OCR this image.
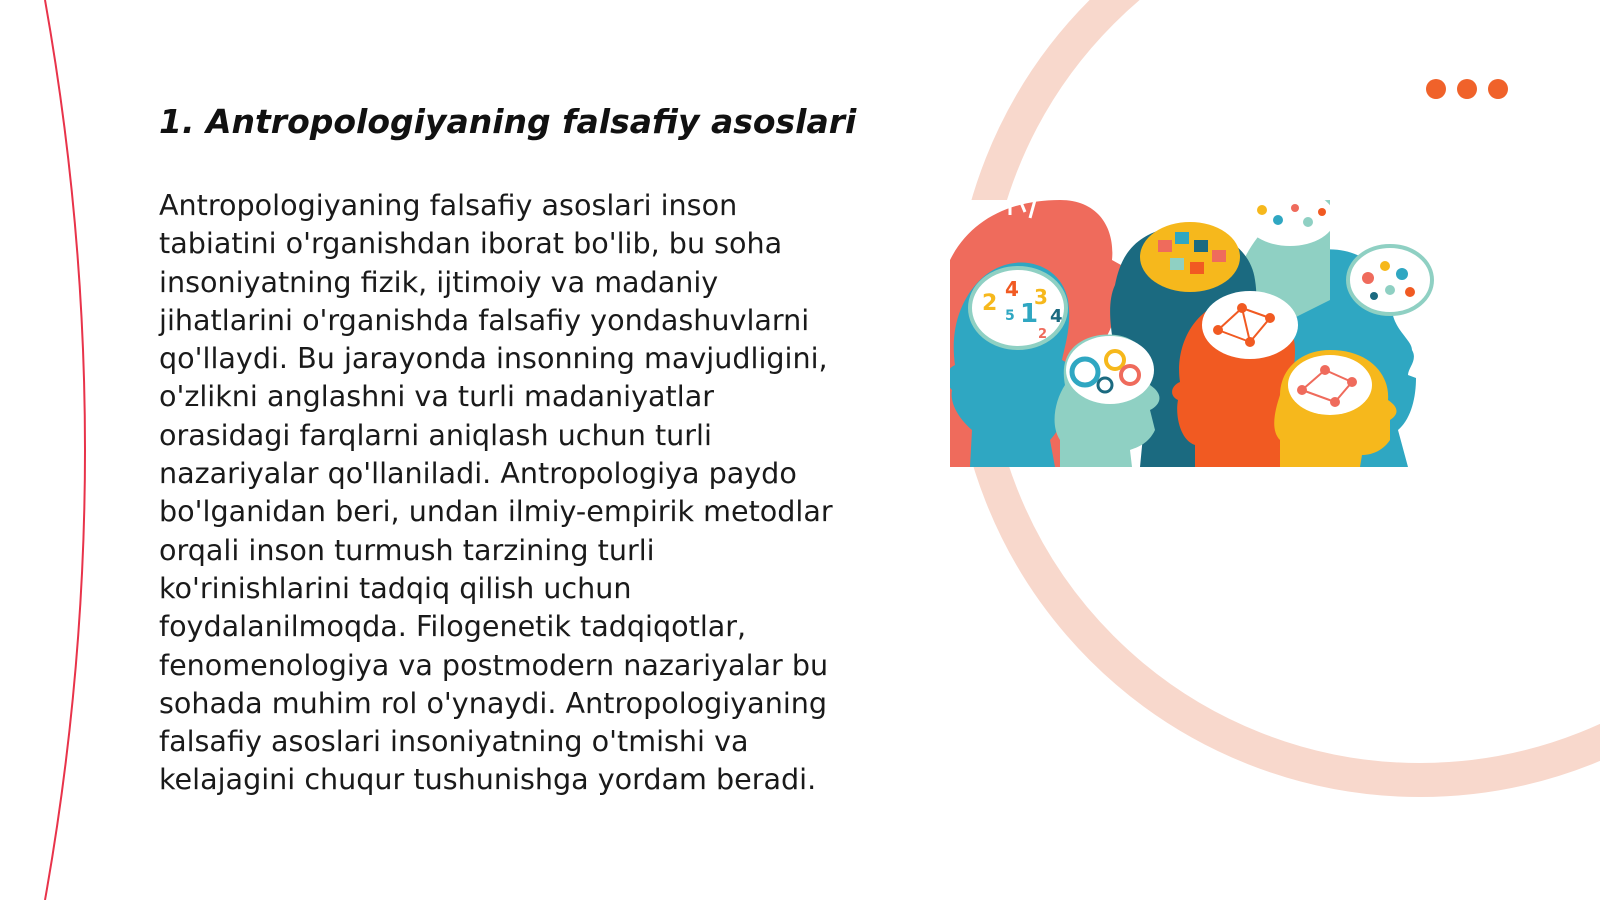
1. Antropologiyaning falsafiy asoslari

Antropologiyaning falsafiy asoslari inson tabiatini o'rganishdan iborat bo'lib, bu soha insoniyatning fizik, ijtimoiy va madaniy jihatlarini o'rganishda falsafiy yondashuvlarni qo'llaydi. Bu jarayonda insonning mavjudligini, o'zlikni anglashni va turli madaniyatlar orasidagi farqlarni aniqlash uchun turli nazariyalar qo'llaniladi. Antropologiya paydo bo'lganidan beri, undan ilmiy-empirik metodlar orqali inson turmush tarzining turli ko'rinishlarini tadqiq qilish uchun foydalanilmoqda. Filogenetik tadqiqotlar, fenomenologiya va postmodern nazariyalar bu sohada muhim rol o'ynaydi. Antropologiyaning falsafiy asoslari insoniyatning o'tmishi va kelajagini chuqur tushunishga yordam beradi.

2
4
5 1
3
4
2
